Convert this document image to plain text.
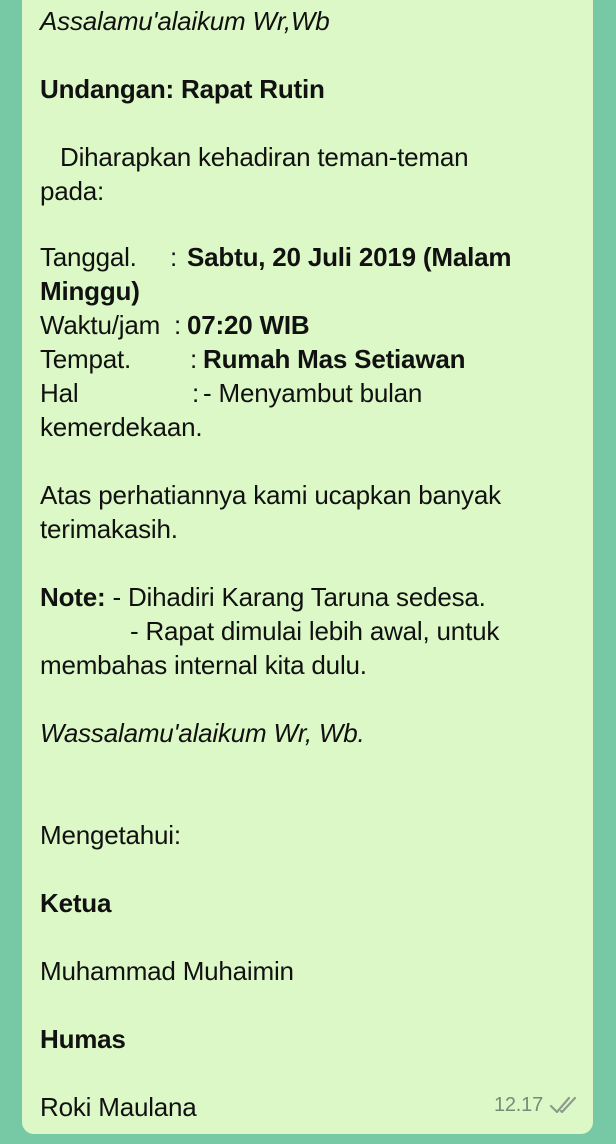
Assalamu'alaikum Wr,Wb
Undangan: Rapat Rutin
Diharapkan kehadiran teman-teman
pada:
Tanggal. : Sabtu, 20 Juli 2019 (Malam
Minggu)
Waktu/jam : 07:20 WIB
Tempat. : Rumah Mas Setiawan
Hal	: - Menyambut bulan
kemerdekaan.
Atas perhatiannya kami ucapkan banyak
terimakasih.
Note: - Dihadiri Karang Taruna sedesa.
- Rapat dimulai lebih awal, untuk
membahas internal kita dulu.
Wassalamu'alaikum Wr, Wb.
Mengetahui:
Ketua
Muhammad Muhaimin
Humas
Roki Maulana	12.17
